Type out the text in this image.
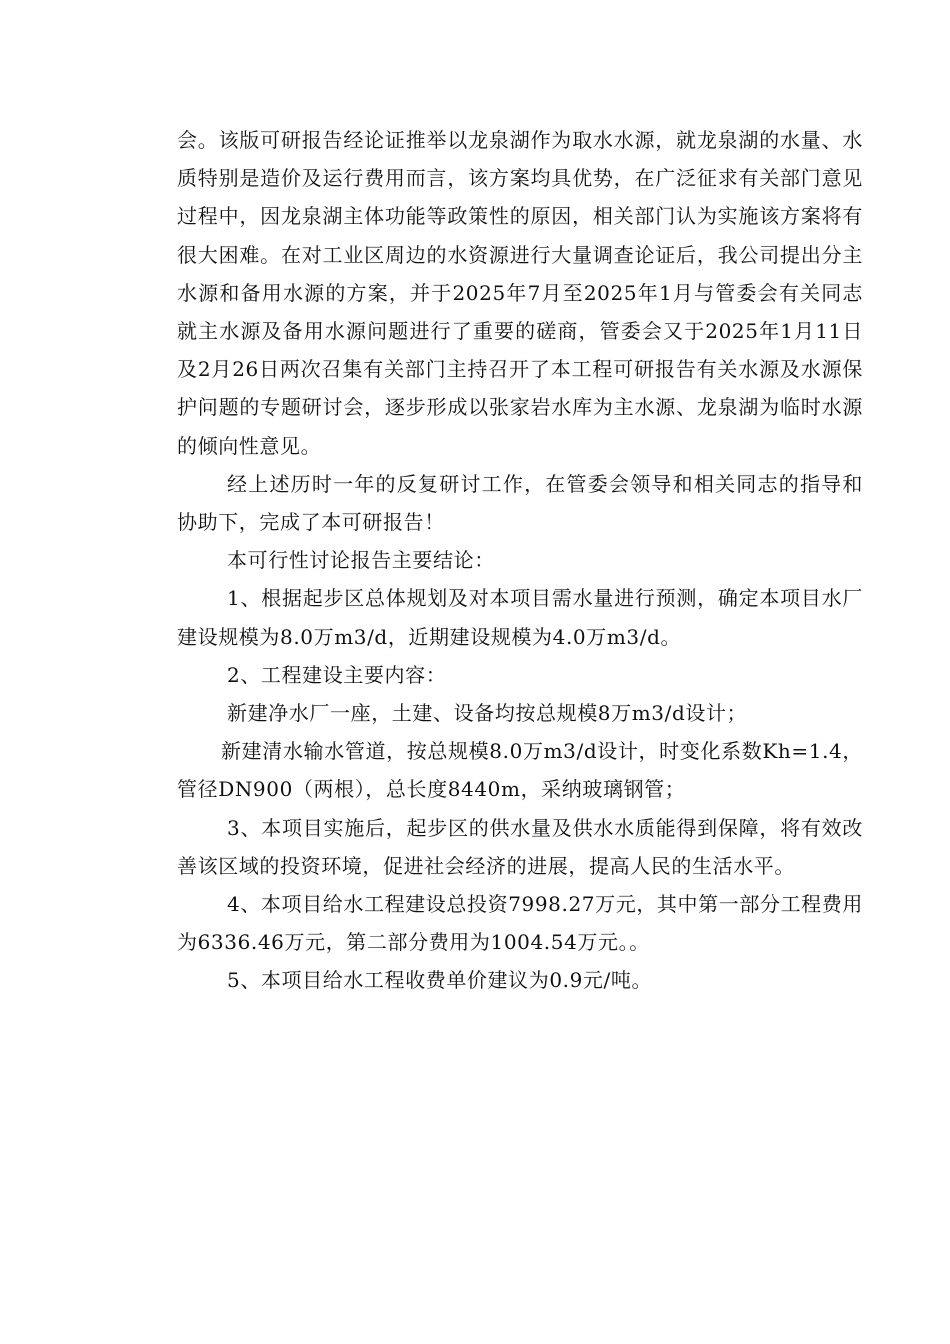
会。该版可研报告经论证推举以龙泉湖作为取水水源，就龙泉湖的水量、水质特别是造价及运行费用而言，该方案均具优势，在广泛征求有关部门意见过程中，因龙泉湖主体功能等政策性的原因，相关部门认为实施该方案将有很大困难。在对工业区周边的水资源进行大量调查论证后，我公司提出分主水源和备用水源的方案，并于2025年7月至2025年1月与管委会有关同志就主水源及备用水源问题进行了重要的磋商，管委会又于2025年1月11日及2月26日两次召集有关部门主持召开了本工程可研报告有关水源及水源保护问题的专题研讨会，逐步形成以张家岩水库为主水源、龙泉湖为临时水源的倾向性意见。

经上述历时一年的反复研讨工作，在管委会领导和相关同志的指导和协助下，完成了本可研报告！

本可行性讨论报告主要结论：

1、根据起步区总体规划及对本项目需水量进行预测，确定本项目水厂建设规模为8.0万m3/d，近期建设规模为4.0万m3/d。

2、工程建设主要内容：

新建净水厂一座，土建、设备均按总规模8万m3/d设计；

新建清水输水管道，按总规模8.0万m3/d设计，时变化系数Kh=1.4，管径DN900（两根），总长度8440m，采纳玻璃钢管；

3、本项目实施后，起步区的供水量及供水水质能得到保障，将有效改善该区域的投资环境，促进社会经济的进展，提高人民的生活水平。

4、本项目给水工程建设总投资7998.27万元，其中第一部分工程费用为6336.46万元，第二部分费用为1004.54万元。。

5、本项目给水工程收费单价建议为0.9元/吨。
